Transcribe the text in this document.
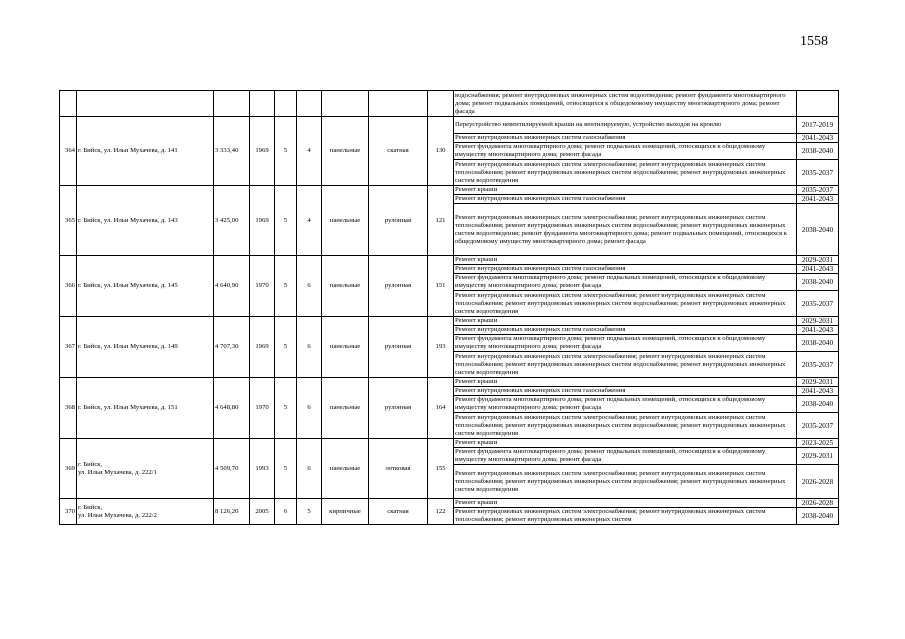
1558
									водоснабжения; ремонт внутридомовых инженерных систем водоотведения; ремонт фундамента многоквартирного дома; ремонт подвальных помещений, относящихся к общедомовому имуществу многоквартирного дома; ремонт фасада	
364	г. Бийск, ул. Ильи Мухачева, д. 141	3 333,40	1969	5	4	панельные	скатная	130	Переустройство невентилируемой крыши на вентилируемую, устройство выходов на кровлю	2017-2019
									Ремонт внутридомовых инженерных систем газоснабжения	2041-2043
									Ремонт фундамента многоквартирного дома; ремонт подвальных помещений, относящихся к общедомовому имуществу многоквартирного дома; ремонт фасада	2038-2040
									Ремонт внутридомовых инженерных систем электроснабжения; ремонт внутридомовых инженерных систем теплоснабжения; ремонт внутридомовых инженерных систем водоснабжения; ремонт внутридомовых инженерных систем водоотведения	2035-2037
365	г. Бийск, ул. Ильи Мухачева, д. 143	3 425,00	1969	5	4	панельные	рулонная	121	Ремонт крыши	2035-2037
									Ремонт внутридомовых инженерных систем газоснабжения	2041-2043
									Ремонт внутридомовых инженерных систем электроснабжения; ремонт внутридомовых инженерных систем теплоснабжения; ремонт внутридомовых инженерных систем водоснабжения; ремонт внутридомовых инженерных систем водоотведения; ремонт фундамента многоквартирного дома; ремонт подвальных помещений, относящихся к общедомовому имуществу многоквартирного дома; ремонт фасада	2038-2040
366	г. Бийск, ул. Ильи Мухачева, д. 145	4 640,90	1970	5	6	панельные	рулонная	151	Ремонт крыши	2029-2031
									Ремонт внутридомовых инженерных систем газоснабжения	2041-2043
									Ремонт фундамента многоквартирного дома; ремонт подвальных помещений, относящихся к общедомовому имуществу многоквартирного дома; ремонт фасада	2038-2040
									Ремонт внутридомовых инженерных систем электроснабжения; ремонт внутридомовых инженерных систем теплоснабжения; ремонт внутридомовых инженерных систем водоснабжения; ремонт внутридомовых инженерных систем водоотведения	2035-2037
367	г. Бийск, ул. Ильи Мухачева, д. 149	4 707,30	1969	5	6	панельные	рулонная	193	Ремонт крыши	2029-2031
									Ремонт внутридомовых инженерных систем газоснабжения	2041-2043
									Ремонт фундамента многоквартирного дома; ремонт подвальных помещений, относящихся к общедомовому имуществу многоквартирного дома; ремонт фасада	2038-2040
									Ремонт внутридомовых инженерных систем электроснабжения; ремонт внутридомовых инженерных систем теплоснабжения; ремонт внутридомовых инженерных систем водоснабжения; ремонт внутридомовых инженерных систем водоотведения	2035-2037
368	г. Бийск, ул. Ильи Мухачева, д. 151	4 648,80	1970	5	6	панельные	рулонная	164	Ремонт крыши	2029-2031
									Ремонт внутридомовых инженерных систем газоснабжения	2041-2043
									Ремонт фундамента многоквартирного дома; ремонт подвальных помещений, относящихся к общедомовому имуществу многоквартирного дома; ремонт фасада	2038-2040
									Ремонт внутридомовых инженерных систем электроснабжения; ремонт внутридомовых инженерных систем теплоснабжения; ремонт внутридомовых инженерных систем водоснабжения; ремонт внутридомовых инженерных систем водоотведения	2035-2037
369	г. Бийск,
ул. Ильи Мухачева, д. 222/1	4 509,70	1993	5	6	панельные	лотковая	155	Ремонт крыши	2023-2025
									Ремонт фундамента многоквартирного дома; ремонт подвальных помещений, относящихся к общедомовому имуществу многоквартирного дома; ремонт фасада	2029-2031
									Ремонт внутридомовых инженерных систем электроснабжения; ремонт внутридомовых инженерных систем теплоснабжения; ремонт внутридомовых инженерных систем водоснабжения; ремонт внутридомовых инженерных систем водоотведения	2026-2028
370	г. Бийск,
ул. Ильи Мухачева, д. 222/2	8 126,20	2005	6	5	кирпичные	скатная	122	Ремонт крыши	2026-2028
									Ремонт внутридомовых инженерных систем электроснабжения; ремонт внутридомовых инженерных систем теплоснабжения; ремонт внутридомовых инженерных систем	2038-2040
